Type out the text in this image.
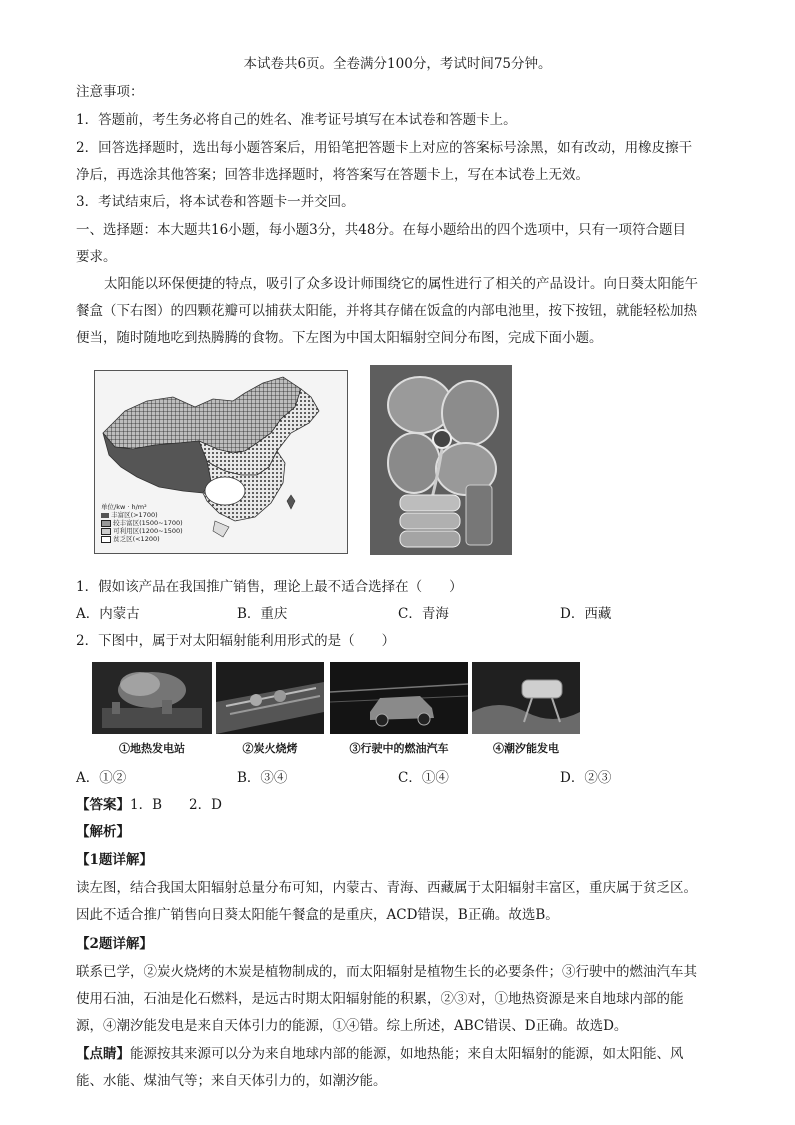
本试卷共6页。全卷满分100分，考试时间75分钟。
注意事项：
1．答题前，考生务必将自己的姓名、准考证号填写在本试卷和答题卡上。
2．回答选择题时，选出每小题答案后，用铅笔把答题卡上对应的答案标号涂黑，如有改动，用橡皮擦干
净后，再选涂其他答案；回答非选择题时，将答案写在答题卡上，写在本试卷上无效。
3．考试结束后，将本试卷和答题卡一并交回。
一、选择题：本大题共16小题，每小题3分，共48分。在每小题给出的四个选项中，只有一项符合题目
要求。
太阳能以环保便捷的特点，吸引了众多设计师围绕它的属性进行了相关的产品设计。向日葵太阳能午
餐盒（下右图）的四颗花瓣可以捕获太阳能，并将其存储在饭盒的内部电池里，按下按钮，就能轻松加热
便当，随时随地吃到热腾腾的食物。下左图为中国太阳辐射空间分布图，完成下面小题。
单位/kw · h/m²
丰富区(>1700)
较丰富区(1500~1700)
可利用区(1200~1500)
贫乏区(<1200)
1．假如该产品在我国推广销售，理论上最不适合选择在（　　）
A．内蒙古	B．重庆	C．青海	D．西藏
2．下图中，属于对太阳辐射能利用形式的是（　　）
①地热发电站	②炭火烧烤	③行驶中的燃油汽车	④潮汐能发电
A．①②	B．③④	C．①④	D．②③
【答案】1．B　　2．D
【解析】
【1题详解】
读左图，结合我国太阳辐射总量分布可知，内蒙古、青海、西藏属于太阳辐射丰富区，重庆属于贫乏区。
因此不适合推广销售向日葵太阳能午餐盒的是重庆，ACD错误，B正确。故选B。
【2题详解】
联系已学，②炭火烧烤的木炭是植物制成的，而太阳辐射是植物生长的必要条件；③行驶中的燃油汽车其
使用石油，石油是化石燃料，是远古时期太阳辐射能的积累，②③对，①地热资源是来自地球内部的能
源，④潮汐能发电是来自天体引力的能源，①④错。综上所述，ABC错误、D正确。故选D。
【点睛】能源按其来源可以分为来自地球内部的能源，如地热能；来自太阳辐射的能源，如太阳能、风
能、水能、煤油气等；来自天体引力的，如潮汐能。
